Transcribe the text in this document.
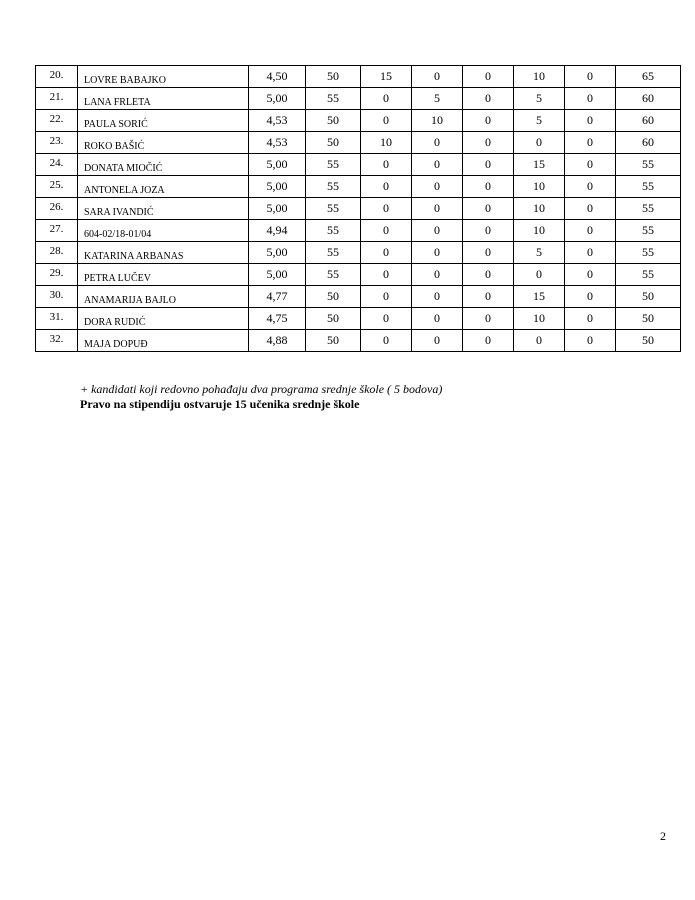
20.	LOVRE BABAJKO	4,50	50	15	0	0	10	0	65
21.	LANA FRLETA	5,00	55	0	5	0	5	0	60
22.	PAULA SORIĆ	4,53	50	0	10	0	5	0	60
23.	ROKO BAŠIĆ	4,53	50	10	0	0	0	0	60
24.	DONATA MIOČIĆ	5,00	55	0	0	0	15	0	55
25.	ANTONELA JOZA	5,00	55	0	0	0	10	0	55
26.	SARA IVANDIĆ	5,00	55	0	0	0	10	0	55
27.	604-02/18-01/04	4,94	55	0	0	0	10	0	55
28.	KATARINA ARBANAS	5,00	55	0	0	0	5	0	55
29.	PETRA LUČEV	5,00	55	0	0	0	0	0	55
30.	ANAMARIJA BAJLO	4,77	50	0	0	0	15	0	50
31.	DORA RUDIĆ	4,75	50	0	0	0	10	0	50
32.	MAJA DOPUĐ	4,88	50	0	0	0	0	0	50
+ kandidati koji redovno pohađaju dva programa srednje škole ( 5 bodova)
Pravo na stipendiju ostvaruje 15 učenika srednje škole
2
